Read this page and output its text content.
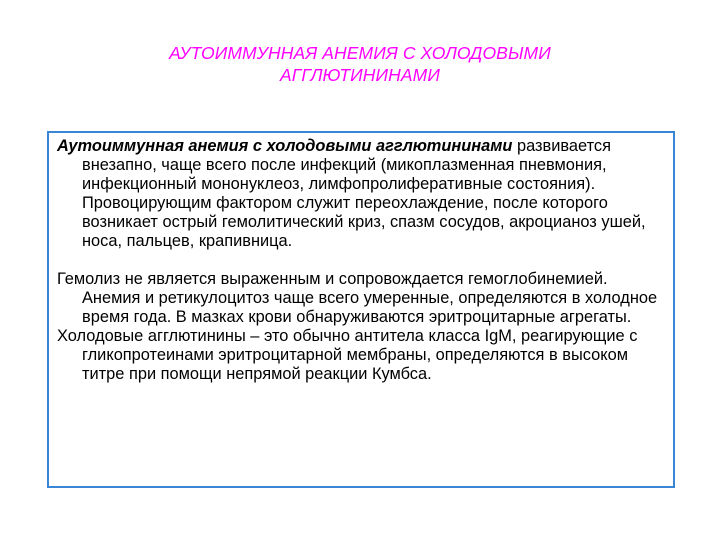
АУТОИММУННАЯ АНЕМИЯ С ХОЛОДОВЫМИ
АГГЛЮТИНИНАМИ

Аутоиммунная анемия с холодовыми агглютининами развивается внезапно, чаще всего после инфекций (микоплазменная пневмония, инфекционный мононуклеоз, лимфопролиферативные состояния). Провоцирующим фактором служит переохлаждение, после которого возникает острый гемолитический криз, спазм сосудов, акроцианоз ушей, носа, пальцев, крапивница.

Гемолиз не является выраженным и сопровождается гемоглобинемией. Анемия и ретикулоцитоз чаще всего умеренные, определяются в холодное время года. В мазках крови обнаруживаются эритроцитарные агрегаты.

Холодовые агглютинины – это обычно антитела класса IgM, реагирующие с гликопротеинами эритроцитарной мембраны, определяются в высоком титре при помощи непрямой реакции Кумбса.
